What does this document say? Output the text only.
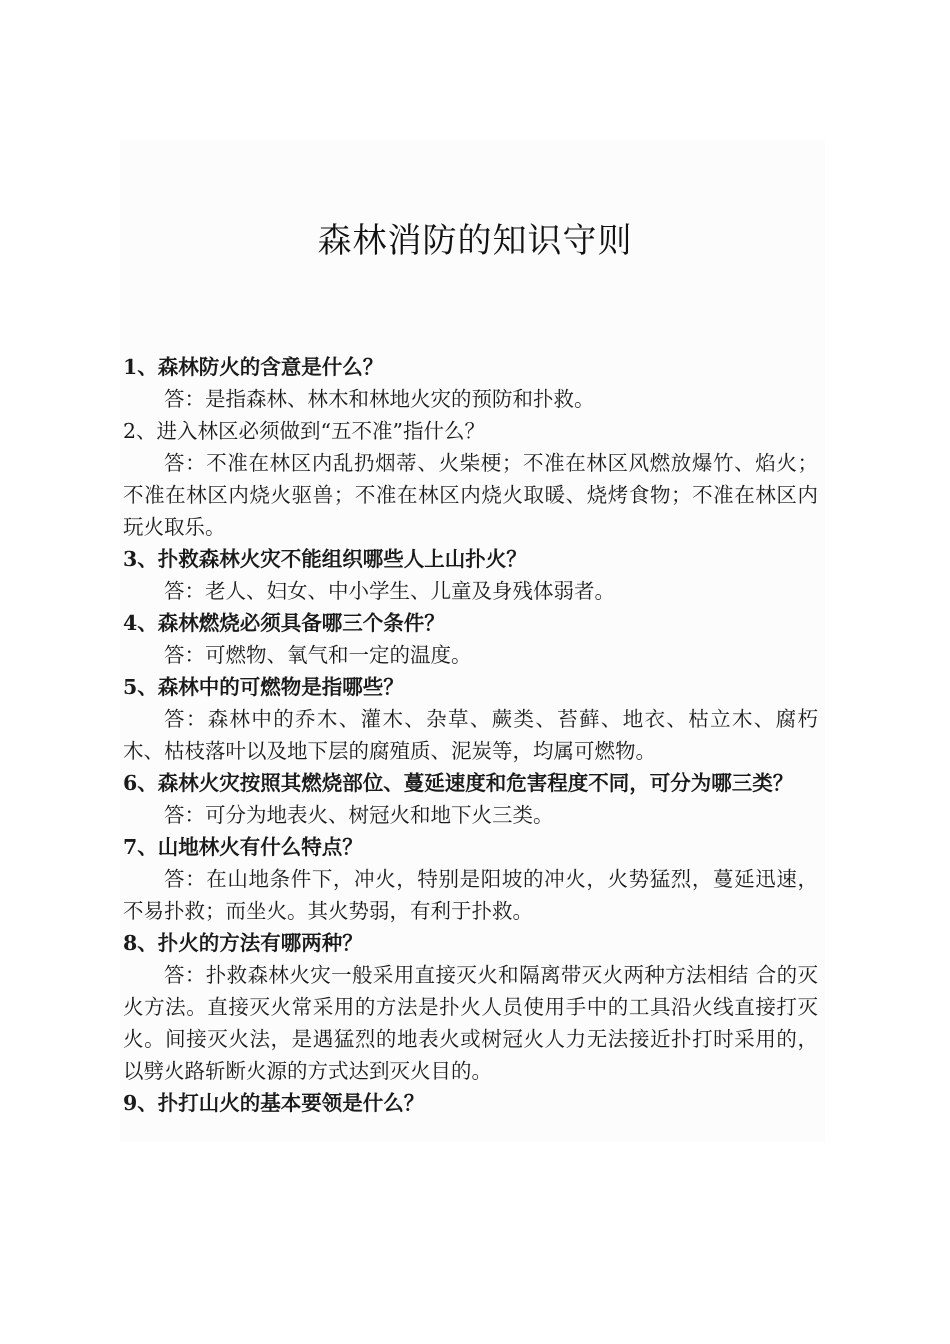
森林消防的知识守则

1、森林防火的含意是什么？

答：是指森林、林木和林地火灾的预防和扑救。

2、进入林区必须做到“五不准”指什么？

答：不准在林区内乱扔烟蒂、火柴梗；不准在林区风燃放爆竹、焰火；不准在林区内烧火驱兽；不准在林区内烧火取暖、烧烤食物；不准在林区内玩火取乐。

3、扑救森林火灾不能组织哪些人上山扑火？

答：老人、妇女、中小学生、儿童及身残体弱者。

4、森林燃烧必须具备哪三个条件？

答：可燃物、氧气和一定的温度。

5、森林中的可燃物是指哪些？

答：森林中的乔木、灌木、杂草、蕨类、苔藓、地衣、枯立木、腐朽木、枯枝落叶以及地下层的腐殖质、泥炭等，均属可燃物。

6、森林火灾按照其燃烧部位、蔓延速度和危害程度不同，可分为哪三类？

答：可分为地表火、树冠火和地下火三类。

7、山地林火有什么特点？

答：在山地条件下，冲火，特别是阳坡的冲火，火势猛烈，蔓延迅速，不易扑救；而坐火。其火势弱，有利于扑救。

8、扑火的方法有哪两种？

答：扑救森林火灾一般采用直接灭火和隔离带灭火两种方法相结 合的灭火方法。直接灭火常采用的方法是扑火人员使用手中的工具沿火线直接打灭火。间接灭火法，是遇猛烈的地表火或树冠火人力无法接近扑打时采用的，以劈火路斩断火源的方式达到灭火目的。

9、扑打山火的基本要领是什么？
